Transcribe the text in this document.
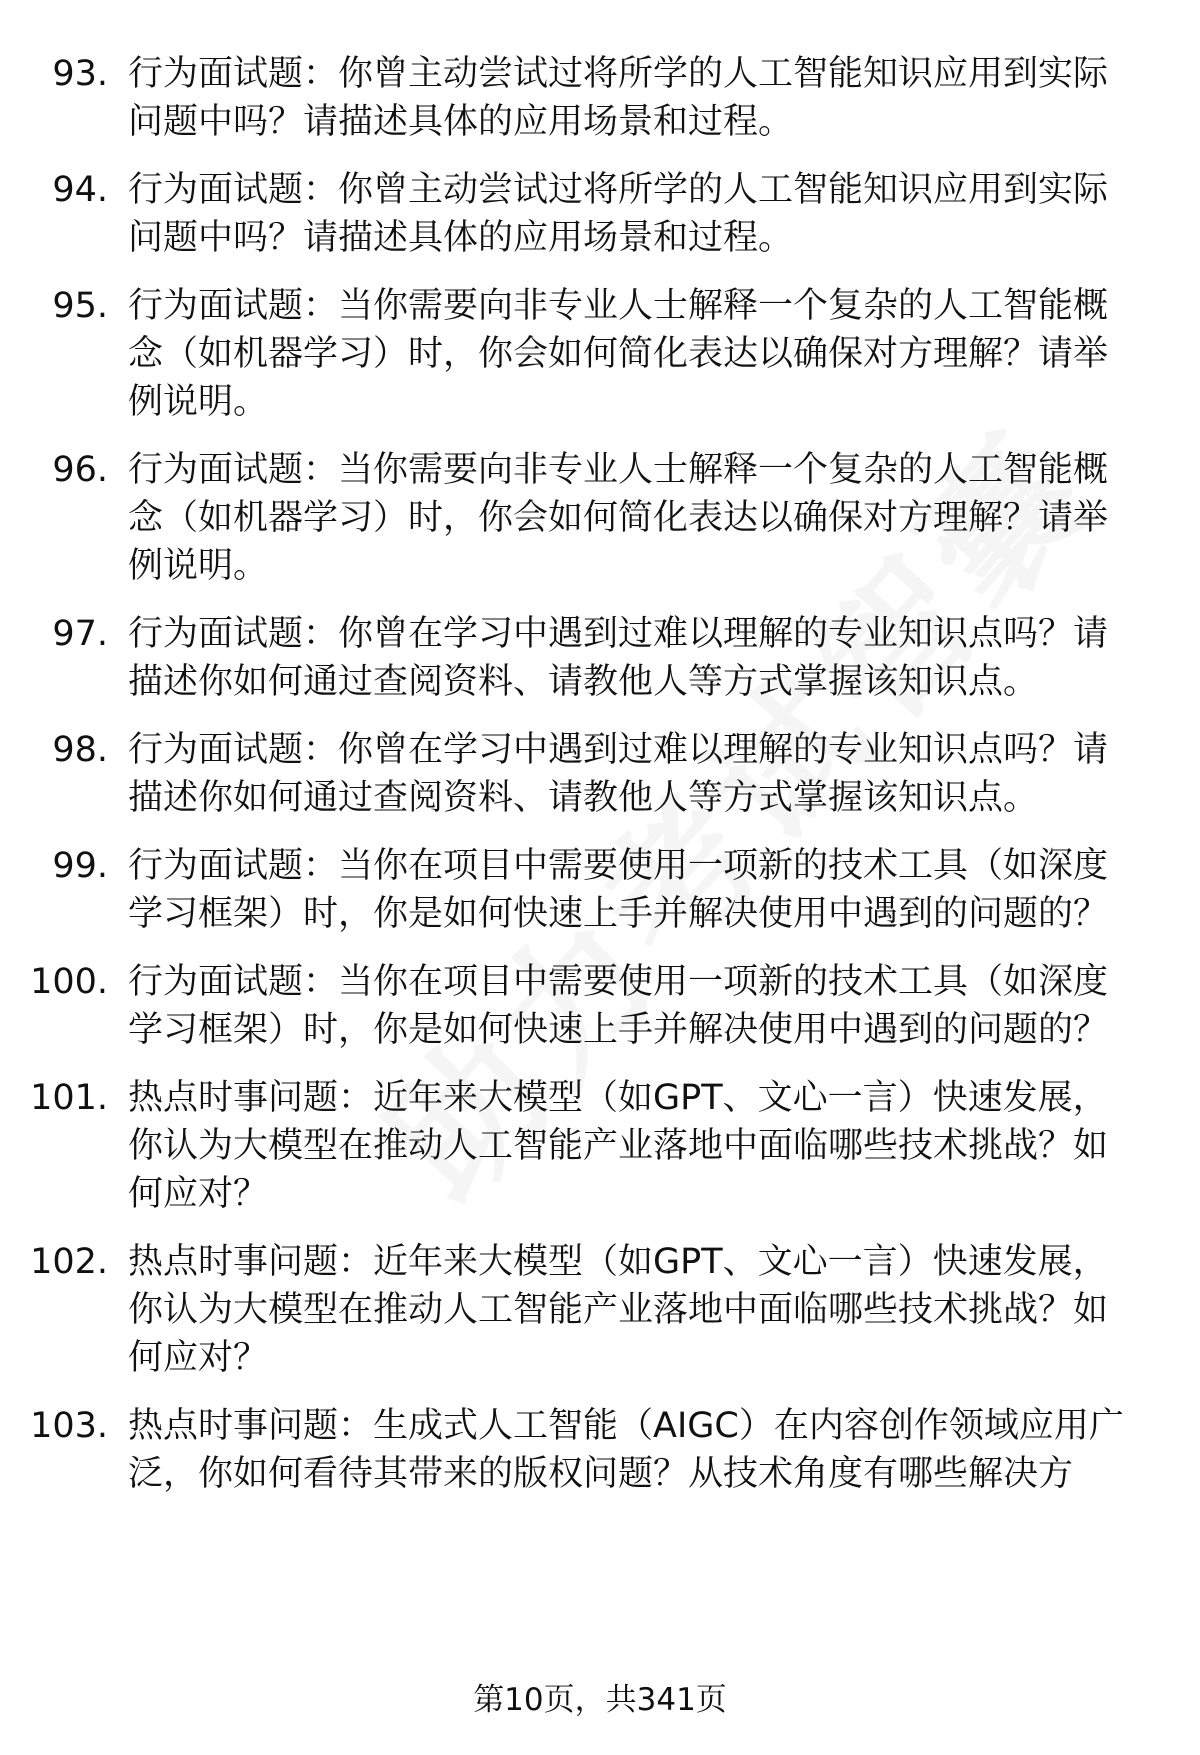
93. 行为面试题：你曾主动尝试过将所学的人工智能知识应用到实际
问题中吗？请描述具体的应用场景和过程。
94. 行为面试题：你曾主动尝试过将所学的人工智能知识应用到实际
问题中吗？请描述具体的应用场景和过程。
95. 行为面试题：当你需要向非专业人士解释一个复杂的人工智能概
念（如机器学习）时，你会如何简化表达以确保对方理解？请举
例说明。
96. 行为面试题：当你需要向非专业人士解释一个复杂的人工智能概
念（如机器学习）时，你会如何简化表达以确保对方理解？请举
例说明。
97. 行为面试题：你曾在学习中遇到过难以理解的专业知识点吗？请
描述你如何通过查阅资料、请教他人等方式掌握该知识点。
98. 行为面试题：你曾在学习中遇到过难以理解的专业知识点吗？请
描述你如何通过查阅资料、请教他人等方式掌握该知识点。
99. 行为面试题：当你在项目中需要使用一项新的技术工具（如深度
学习框架）时，你是如何快速上手并解决使用中遇到的问题的？
100. 行为面试题：当你在项目中需要使用一项新的技术工具（如深度
学习框架）时，你是如何快速上手并解决使用中遇到的问题的？
101. 热点时事问题：近年来大模型（如GPT、文心一言）快速发展，
你认为大模型在推动人工智能产业落地中面临哪些技术挑战？如
何应对？
102. 热点时事问题：近年来大模型（如GPT、文心一言）快速发展，
你认为大模型在推动人工智能产业落地中面临哪些技术挑战？如
何应对？
103. 热点时事问题：生成式人工智能（AIGC）在内容创作领域应用广
泛，你如何看待其带来的版权问题？从技术角度有哪些解决方
第10页，共341页
